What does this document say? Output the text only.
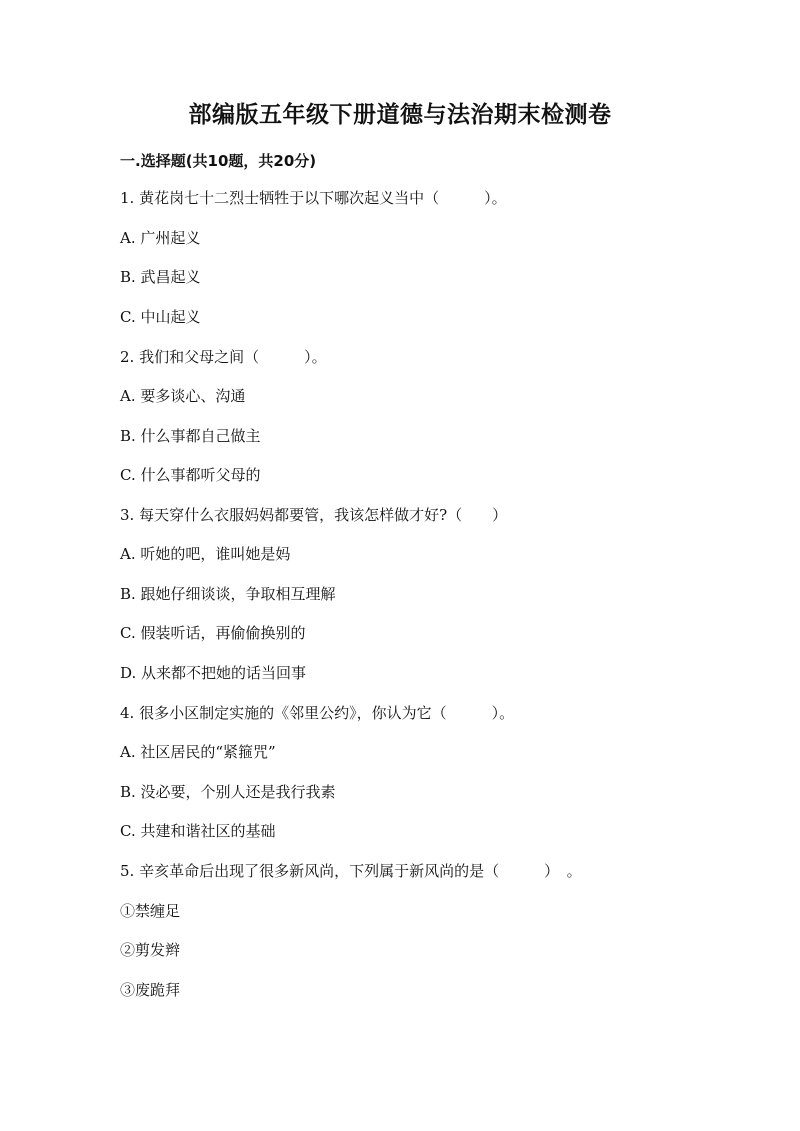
部编版五年级下册道德与法治期末检测卷
一.选择题(共10题，共20分)
1. 黄花岗七十二烈士牺牲于以下哪次起义当中（　　　）。
A. 广州起义
B. 武昌起义
C. 中山起义
2. 我们和父母之间（　　　）。
A. 要多谈心、沟通
B. 什么事都自己做主
C. 什么事都听父母的
3. 每天穿什么衣服妈妈都要管，我该怎样做才好?（　　）
A. 听她的吧，谁叫她是妈
B. 跟她仔细谈谈，争取相互理解
C. 假装听话，再偷偷换别的
D. 从来都不把她的话当回事
4. 很多小区制定实施的《邻里公约》，你认为它（　　　）。
A. 社区居民的“紧箍咒”
B. 没必要，个别人还是我行我素
C. 共建和谐社区的基础
5. 辛亥革命后出现了很多新风尚，下列属于新风尚的是（　　　）　。
①禁缠足
②剪发辫
③废跪拜
